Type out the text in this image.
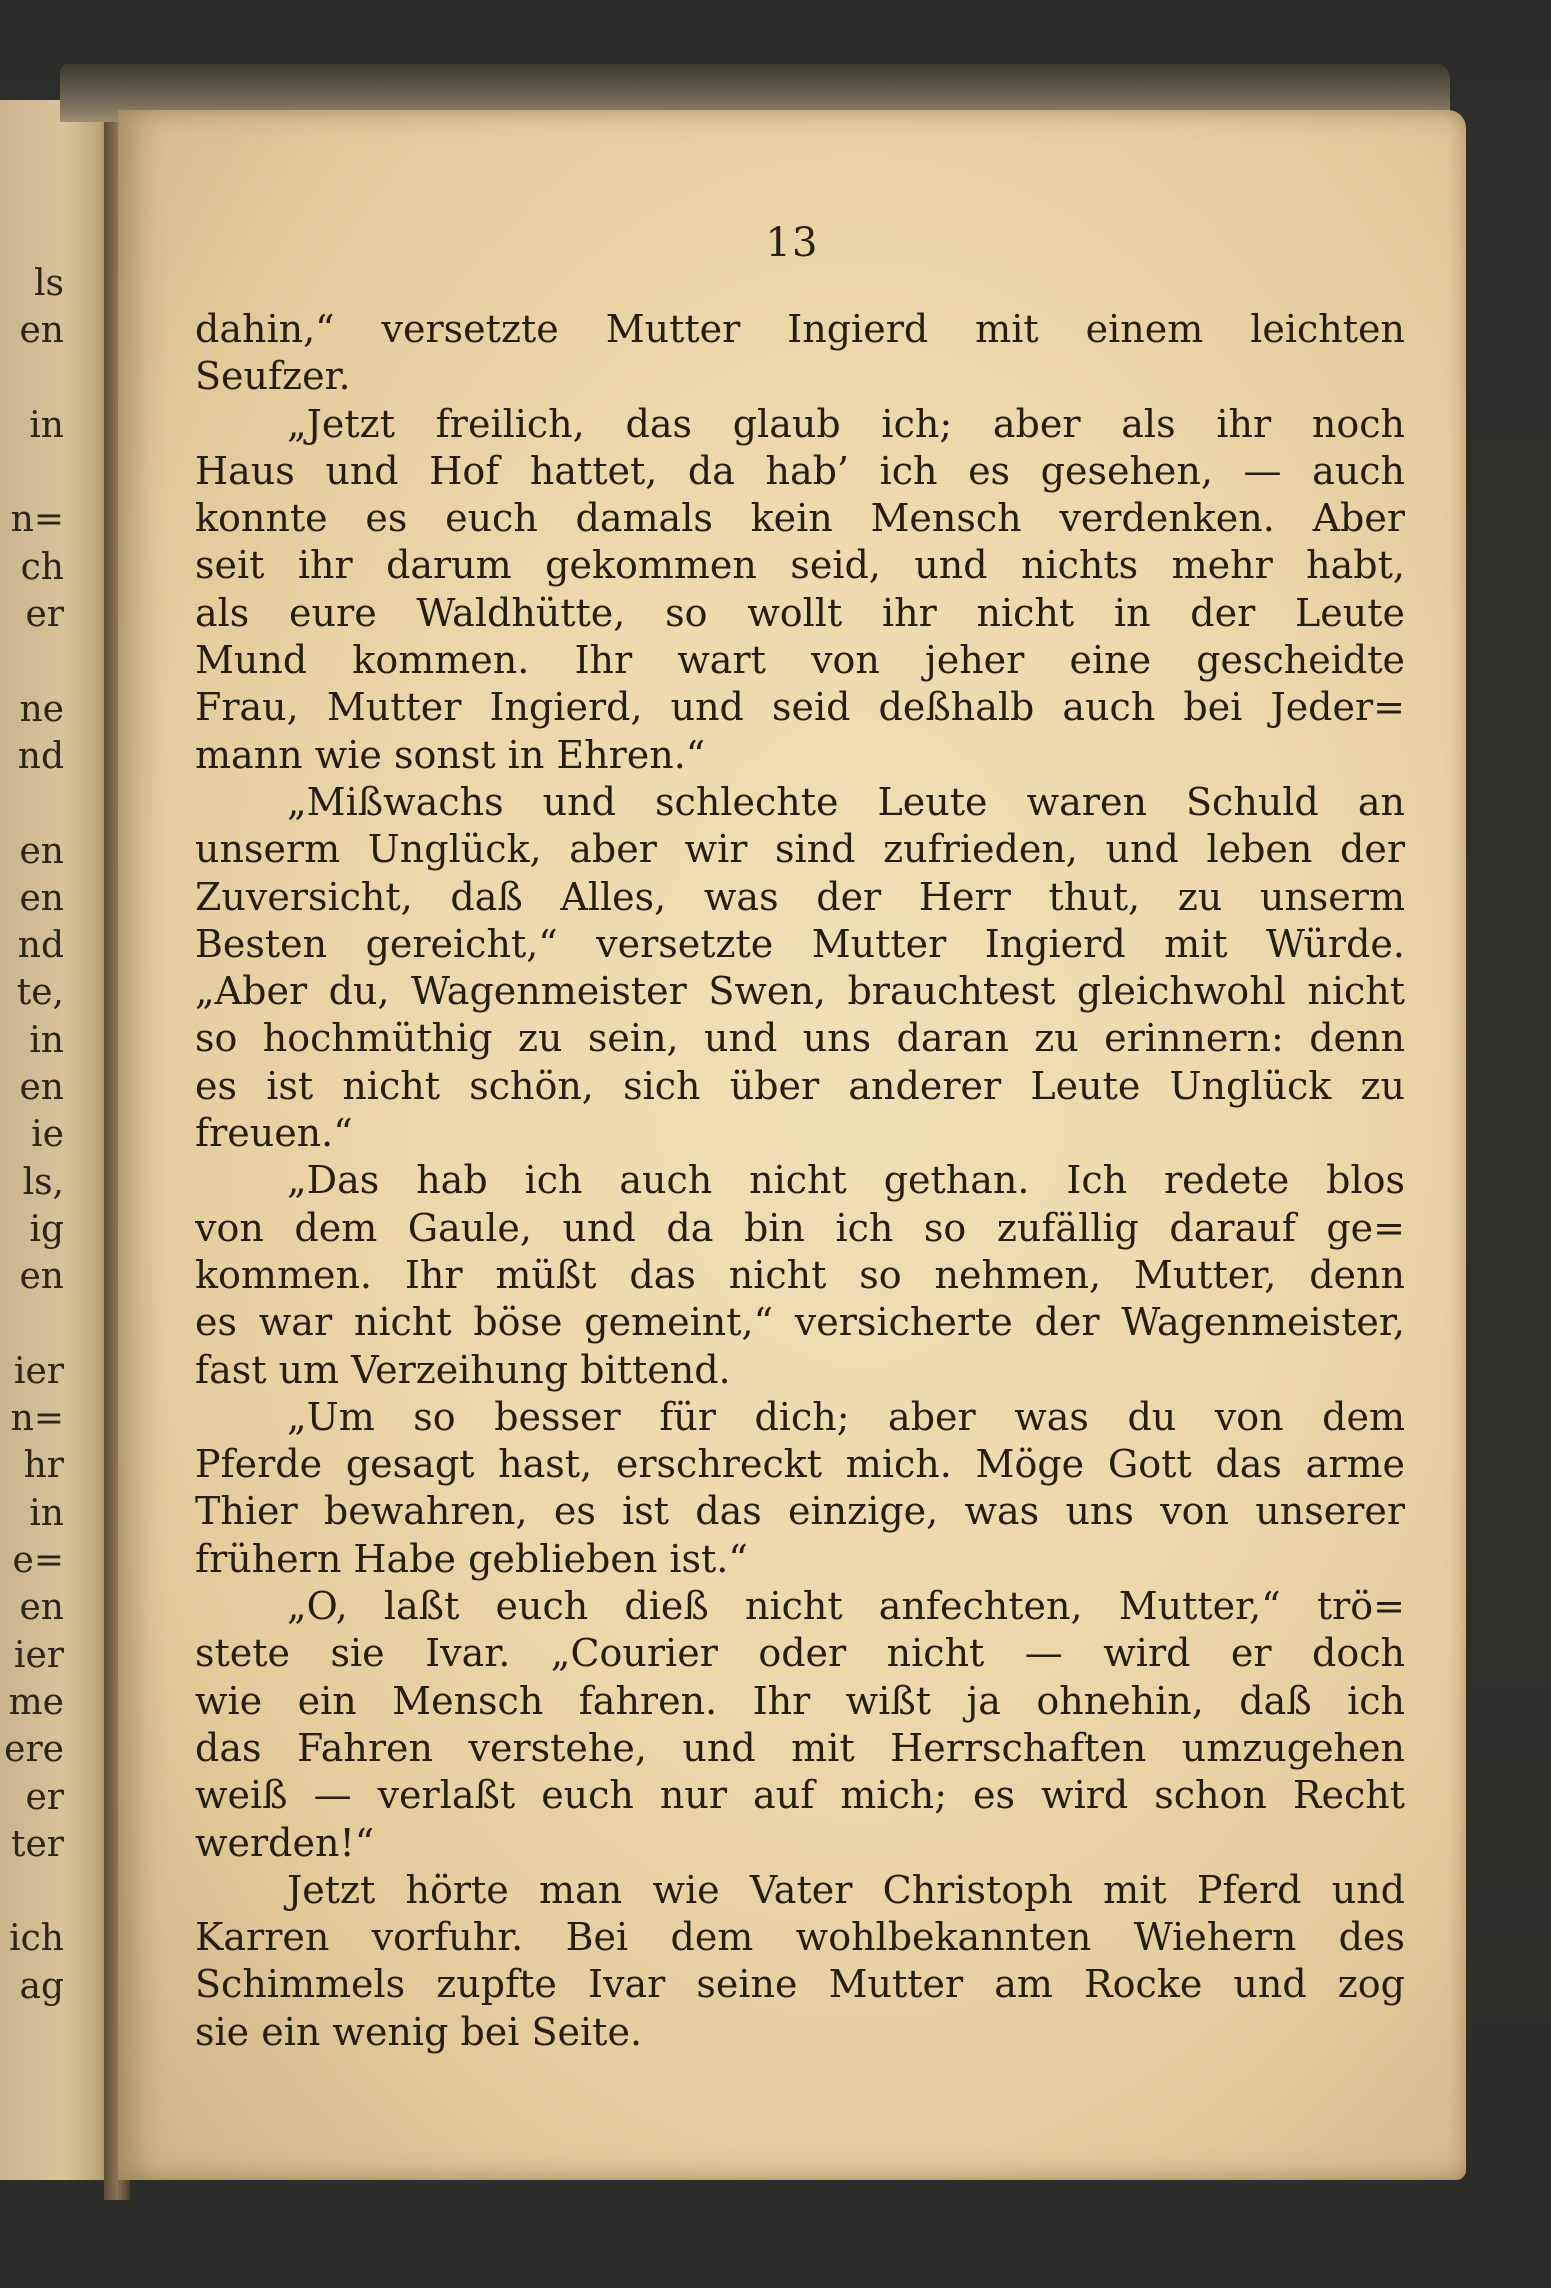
ls
en
in
n=
ch
er
ne
nd
en
en
nd
te,
in
en
ie
ls,
ig
en
ier
n=
hr
in
e=
en
ier
me
ere
er
ter
ich
ag
13
dahin,“ versetzte Mutter Ingierd mit einem leichten
Seufzer.
„Jetzt freilich, das glaub ich; aber als ihr noch
Haus und Hof hattet, da hab’ ich es gesehen, — auch
konnte es euch damals kein Mensch verdenken. Aber
seit ihr darum gekommen seid, und nichts mehr habt,
als eure Waldhütte, so wollt ihr nicht in der Leute
Mund kommen. Ihr wart von jeher eine gescheidte
Frau, Mutter Ingierd, und seid deßhalb auch bei Jeder=
mann wie sonst in Ehren.“
„Mißwachs und schlechte Leute waren Schuld an
unserm Unglück, aber wir sind zufrieden, und leben der
Zuversicht, daß Alles, was der Herr thut, zu unserm
Besten gereicht,“ versetzte Mutter Ingierd mit Würde.
„Aber du, Wagenmeister Swen, brauchtest gleichwohl nicht
so hochmüthig zu sein, und uns daran zu erinnern: denn
es ist nicht schön, sich über anderer Leute Unglück zu
freuen.“
„Das hab ich auch nicht gethan. Ich redete blos
von dem Gaule, und da bin ich so zufällig darauf ge=
kommen. Ihr müßt das nicht so nehmen, Mutter, denn
es war nicht böse gemeint,“ versicherte der Wagenmeister,
fast um Verzeihung bittend.
„Um so besser für dich; aber was du von dem
Pferde gesagt hast, erschreckt mich. Möge Gott das arme
Thier bewahren, es ist das einzige, was uns von unserer
frühern Habe geblieben ist.“
„O, laßt euch dieß nicht anfechten, Mutter,“ trö=
stete sie Ivar. „Courier oder nicht — wird er doch
wie ein Mensch fahren. Ihr wißt ja ohnehin, daß ich
das Fahren verstehe, und mit Herrschaften umzugehen
weiß — verlaßt euch nur auf mich; es wird schon Recht
werden!“
Jetzt hörte man wie Vater Christoph mit Pferd und
Karren vorfuhr. Bei dem wohlbekannten Wiehern des
Schimmels zupfte Ivar seine Mutter am Rocke und zog
sie ein wenig bei Seite.
